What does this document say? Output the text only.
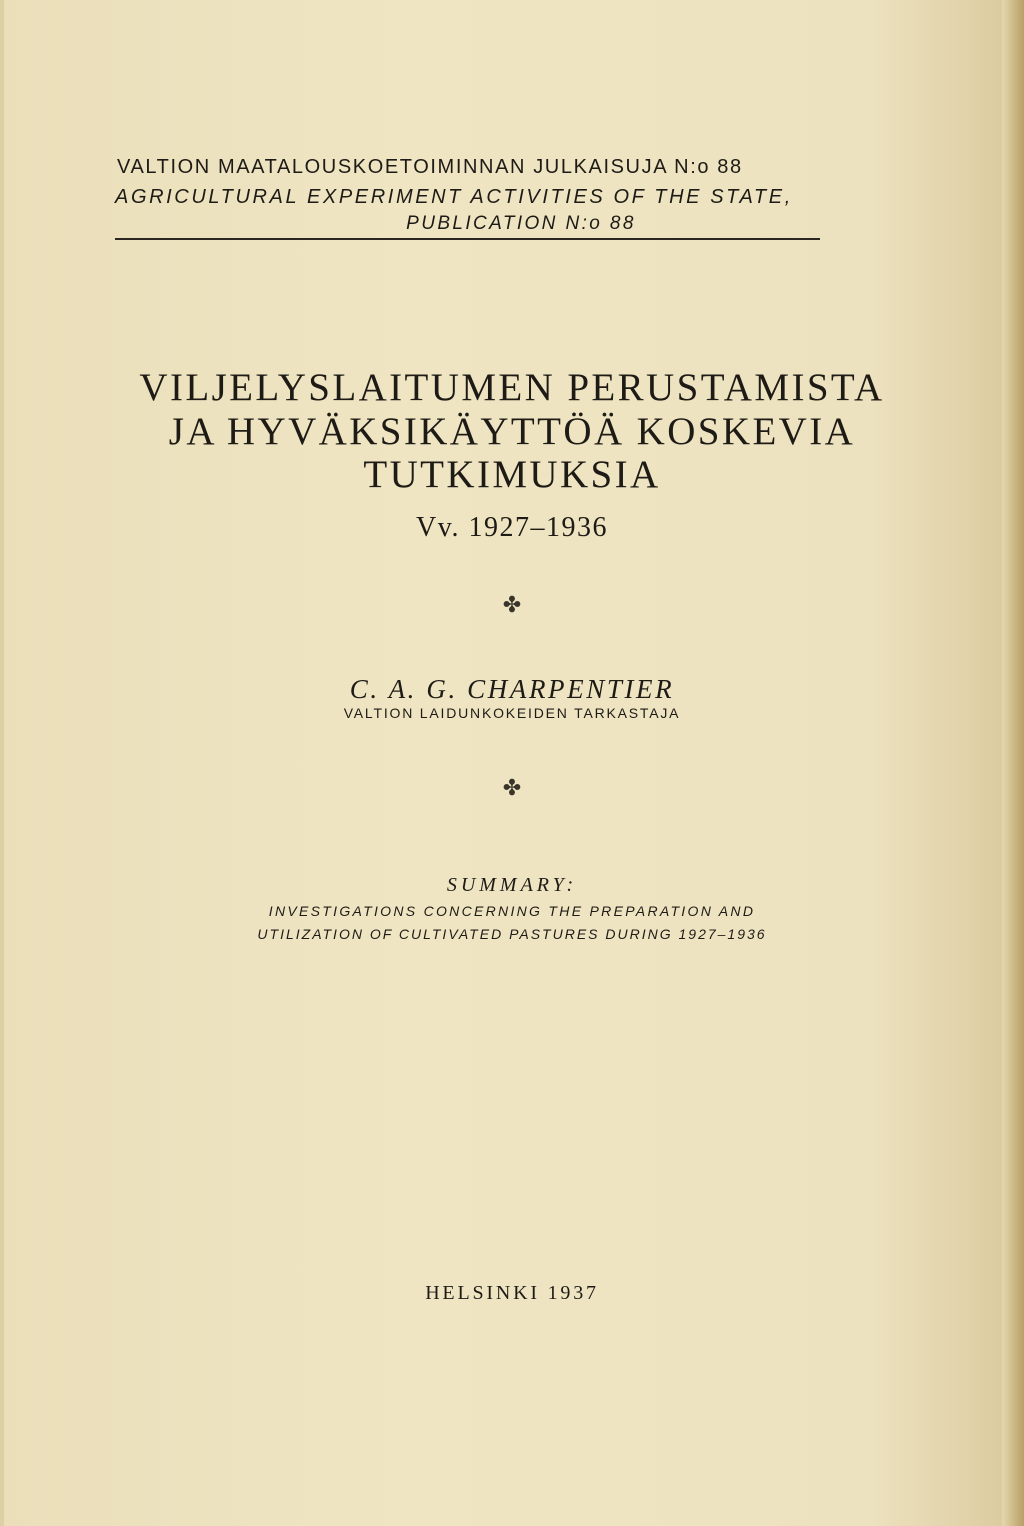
VALTION MAATALOUSKOETOIMINNAN JULKAISUJA N:o 88
AGRICULTURAL EXPERIMENT ACTIVITIES OF THE STATE,
PUBLICATION N:o 88
VILJELYSLAITUMEN PERUSTAMISTA
JA HYVÄKSIKÄYTTÖÄ KOSKEVIA
TUTKIMUKSIA
Vv. 1927–1936
✤
C. A. G. CHARPENTIER
VALTION LAIDUNKOKEIDEN TARKASTAJA
✤
SUMMARY:
INVESTIGATIONS CONCERNING THE PREPARATION AND
UTILIZATION OF CULTIVATED PASTURES DURING 1927–1936
HELSINKI 1937
